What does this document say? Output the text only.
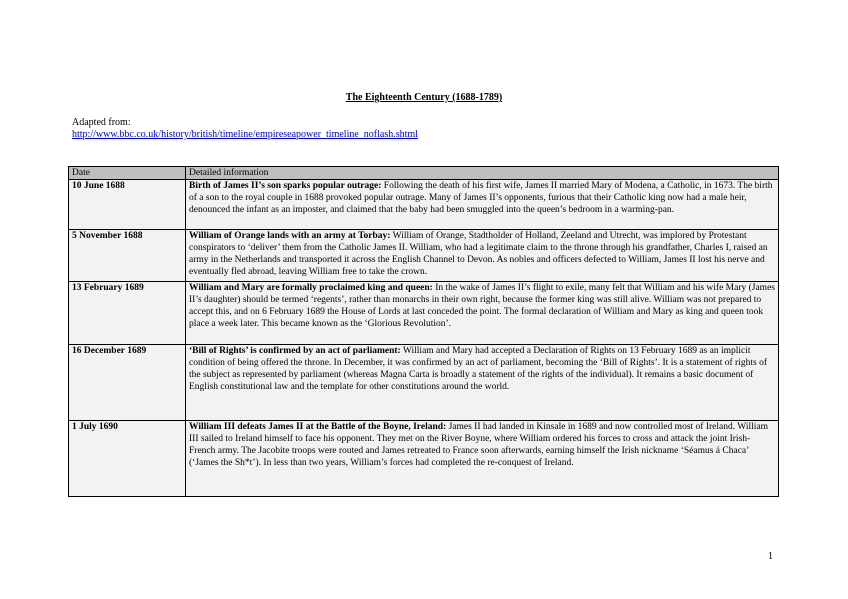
The Eighteenth Century (1688-1789)
Adapted from:
http://www.bbc.co.uk/history/british/timeline/empireseapower_timeline_noflash.shtml
Date	Detailed information
10 June 1688	Birth of James II’s son sparks popular outrage: Following the death of his first wife, James II married Mary of Modena, a Catholic, in 1673. The birth of a son to the royal couple in 1688 provoked popular outrage. Many of James II’s opponents, furious that their Catholic king now had a male heir, denounced the infant as an imposter, and claimed that the baby had been smuggled into the queen’s bedroom in a warming-pan.
5 November 1688	William of Orange lands with an army at Torbay: William of Orange, Stadtholder of Holland, Zeeland and Utrecht, was implored by Protestant conspirators to ‘deliver’ them from the Catholic James II. William, who had a legitimate claim to the throne through his grandfather, Charles I, raised an army in the Netherlands and transported it across the English Channel to Devon. As nobles and officers defected to William, James II lost his nerve and eventually fled abroad, leaving William free to take the crown.
13 February 1689	William and Mary are formally proclaimed king and queen: In the wake of James II’s flight to exile, many felt that William and his wife Mary (James II’s daughter) should be termed ‘regents’, rather than monarchs in their own right, because the former king was still alive. William was not prepared to accept this, and on 6 February 1689 the House of Lords at last conceded the point. The formal declaration of William and Mary as king and queen took place a week later. This became known as the ‘Glorious Revolution’.
16 December 1689	‘Bill of Rights’ is confirmed by an act of parliament: William and Mary had accepted a Declaration of Rights on 13 February 1689 as an implicit condition of being offered the throne. In December, it was confirmed by an act of parliament, becoming the ‘Bill of Rights’. It is a statement of rights of the subject as represented by parliament (whereas Magna Carta is broadly a statement of the rights of the individual). It remains a basic document of English constitutional law and the template for other constitutions around the world.
1 July 1690	William III defeats James II at the Battle of the Boyne, Ireland: James II had landed in Kinsale in 1689 and now controlled most of Ireland. William III sailed to Ireland himself to face his opponent. They met on the River Boyne, where William ordered his forces to cross and attack the joint Irish-French army. The Jacobite troops were routed and James retreated to France soon afterwards, earning himself the Irish nickname ‘Séamus á Chaca’ (‘James the Sh*t’). In less than two years, William’s forces had completed the re-conquest of Ireland.
1
